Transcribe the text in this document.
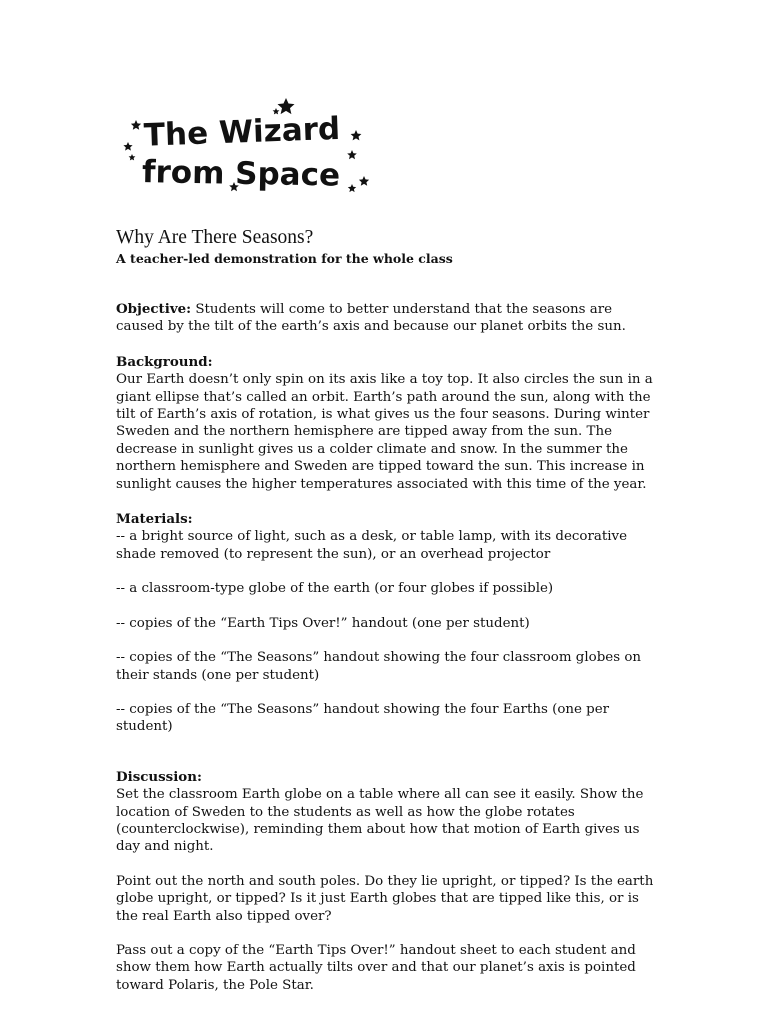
The Wizard
from Space
Why Are There Seasons?
A teacher-led demonstration for the whole class

Objective: Students will come to better understand that the seasons are caused by the tilt of the earth’s axis and because our planet orbits the sun.

Background:

Our Earth doesn’t only spin on its axis like a toy top. It also circles the sun in a giant ellipse that’s called an orbit. Earth’s path around the sun, along with the tilt of Earth’s axis of rotation, is what gives us the four seasons. During winter Sweden and the northern hemisphere are tipped away from the sun. The decrease in sunlight gives us a colder climate and snow. In the summer the northern hemisphere and Sweden are tipped toward the sun. This increase in sunlight causes the higher temperatures associated with this time of the year.

Materials:

-- a bright source of light, such as a desk, or table lamp, with its decorative shade removed (to represent the sun), or an overhead projector

-- a classroom-type globe of the earth (or four globes if possible)

-- copies of the “Earth Tips Over!” handout (one per student)

-- copies of the “The Seasons” handout showing the four classroom globes on their stands (one per student)

-- copies of the “The Seasons” handout showing the four Earths (one per student)

Discussion:

Set the classroom Earth globe on a table where all can see it easily. Show the location of Sweden to the students as well as how the globe rotates (counterclockwise), reminding them about how that motion of Earth gives us day and night.

Point out the north and south poles. Do they lie upright, or tipped? Is the earth globe upright, or tipped? Is it just Earth globes that are tipped like this, or is the real Earth also tipped over?

Pass out a copy of the “Earth Tips Over!” handout sheet to each student and show them how Earth actually tilts over and that our planet’s axis is pointed toward Polaris, the Pole Star.
